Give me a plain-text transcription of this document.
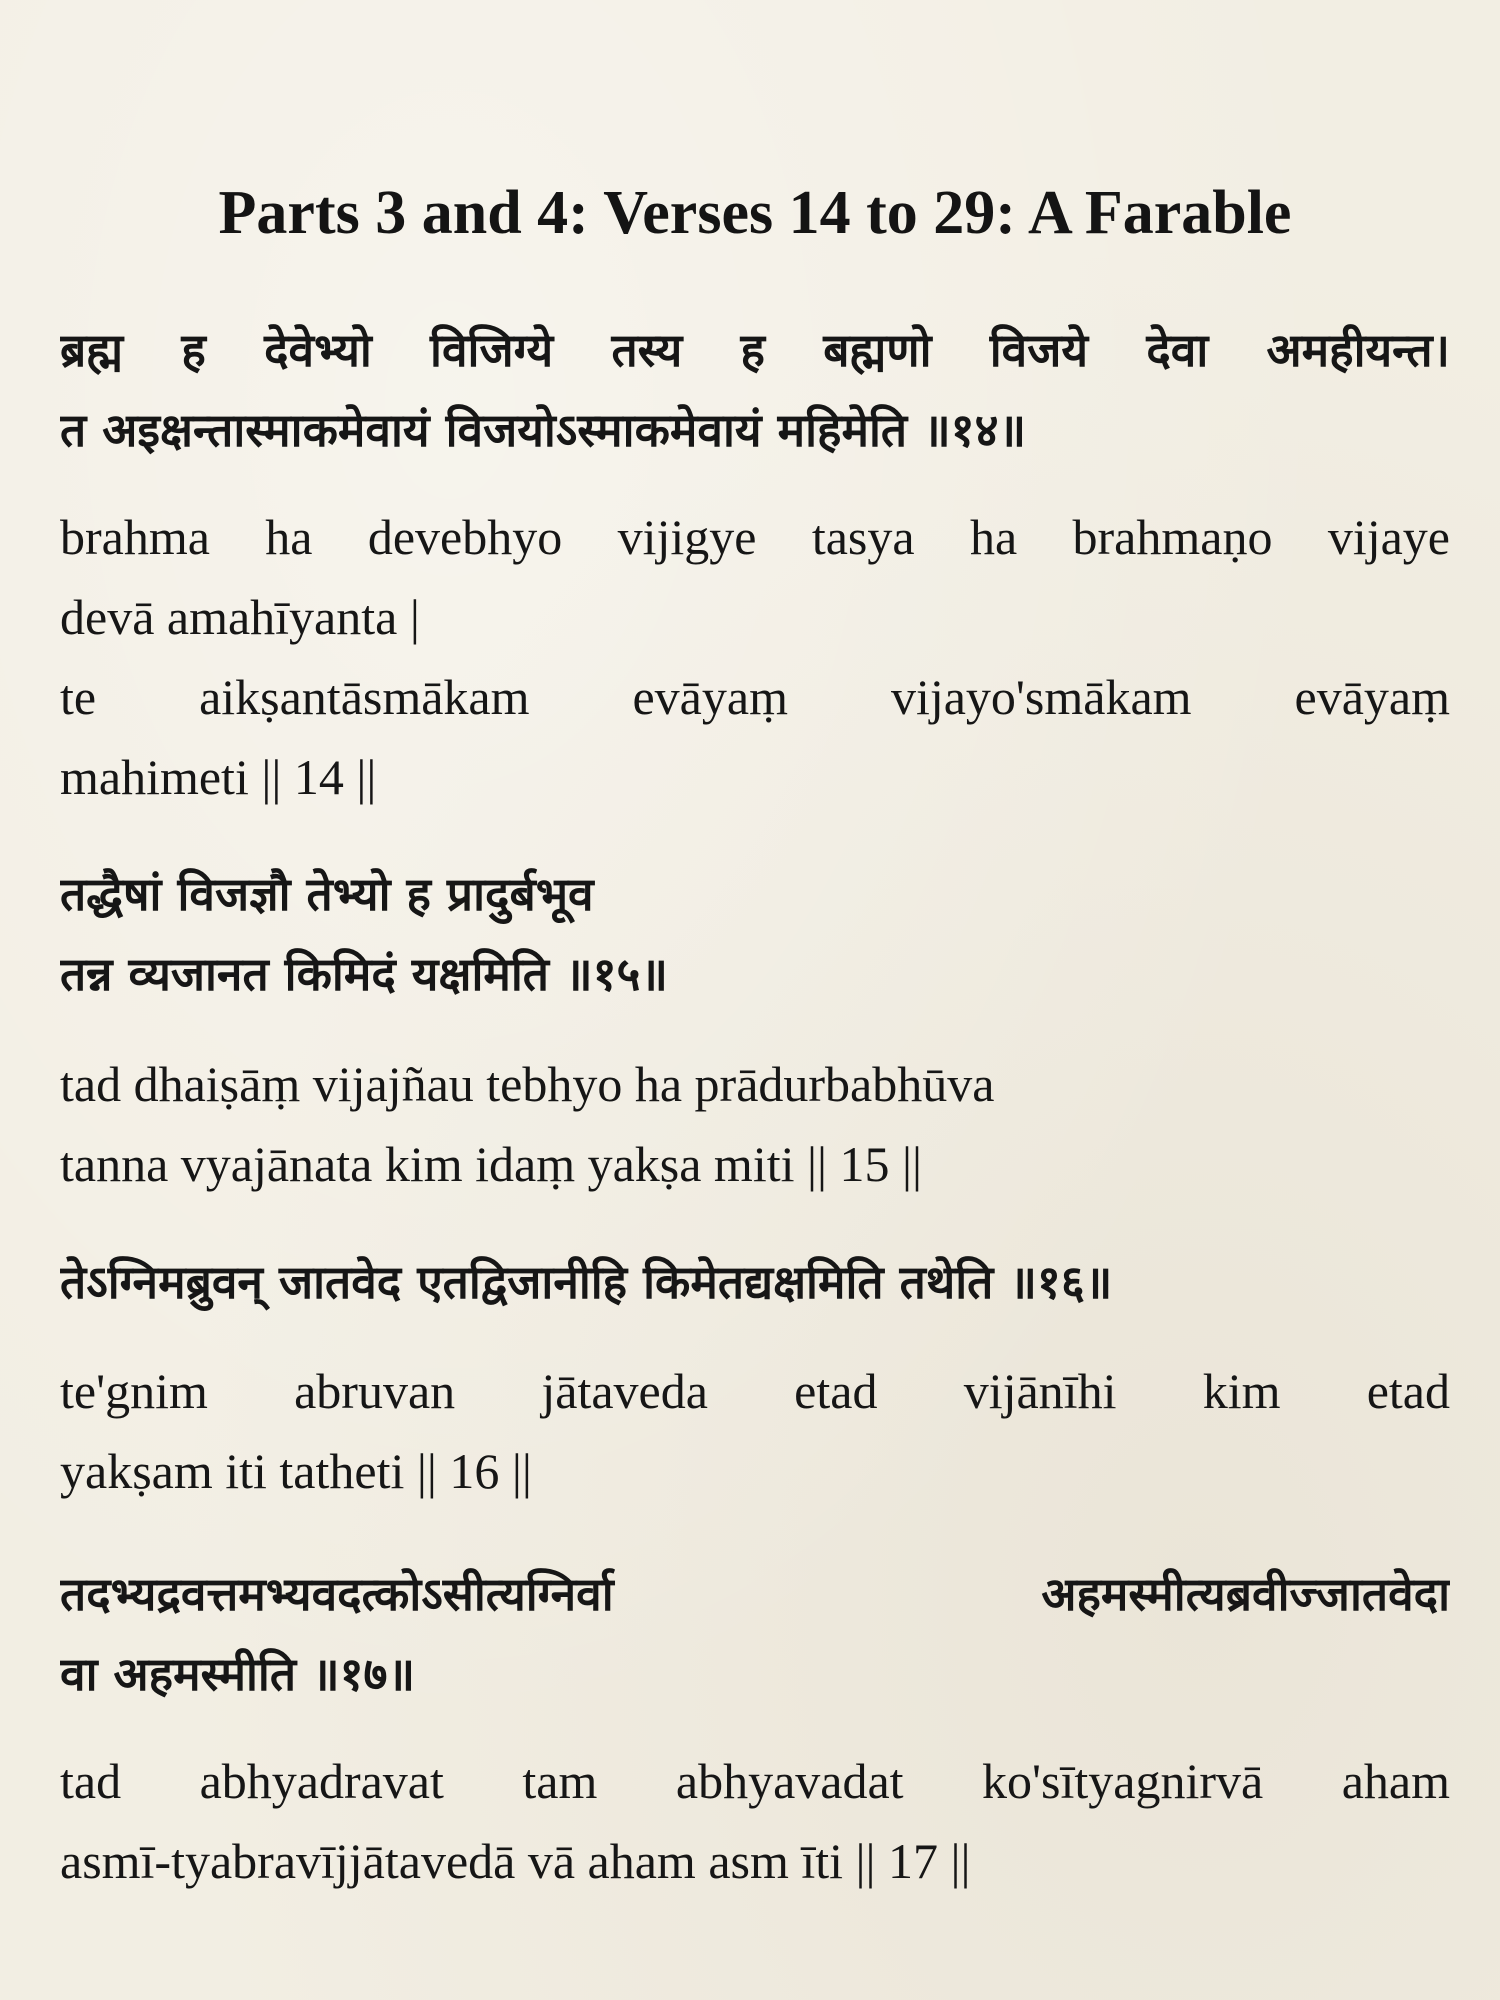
Parts 3 and 4: Verses 14 to 29: A Farable
ब्रह्म ह देवेभ्यो विजिग्ये तस्य ह बह्मणो विजये देवा अमहीयन्त।
त अइक्षन्तास्माकमेवायं विजयोऽस्माकमेवायं महिमेति ॥१४॥
brahma ha devebhyo vijigye tasya ha brahmaṇo vijaye
devā amahīyanta |
te aikṣantāsmākam evāyaṃ vijayo'smākam evāyaṃ
mahimeti || 14 ||
तद्धैषां विजज्ञौ तेभ्यो ह प्रादुर्बभूव
तन्न व्यजानत किमिदं यक्षमिति ॥१५॥
tad dhaiṣāṃ vijajñau tebhyo ha prādurbabhūva
tanna vyajānata kim idaṃ yakṣa miti || 15 ||
तेऽग्निमब्रुवन् जातवेद एतद्विजानीहि किमेतद्यक्षमिति तथेति ॥१६॥
te'gnim abruvan jātaveda etad vijānīhi kim etad
yakṣam iti tatheti || 16 ||
तदभ्यद्रवत्तमभ्यवदत्कोऽसीत्यग्निर्वा अहमस्मीत्यब्रवीज्जातवेदा
वा अहमस्मीति ॥१७॥
tad abhyadravat tam abhyavadat ko'sītyagnirvā aham
asmī-tyabravījjātavedā vā aham asm īti || 17 ||
